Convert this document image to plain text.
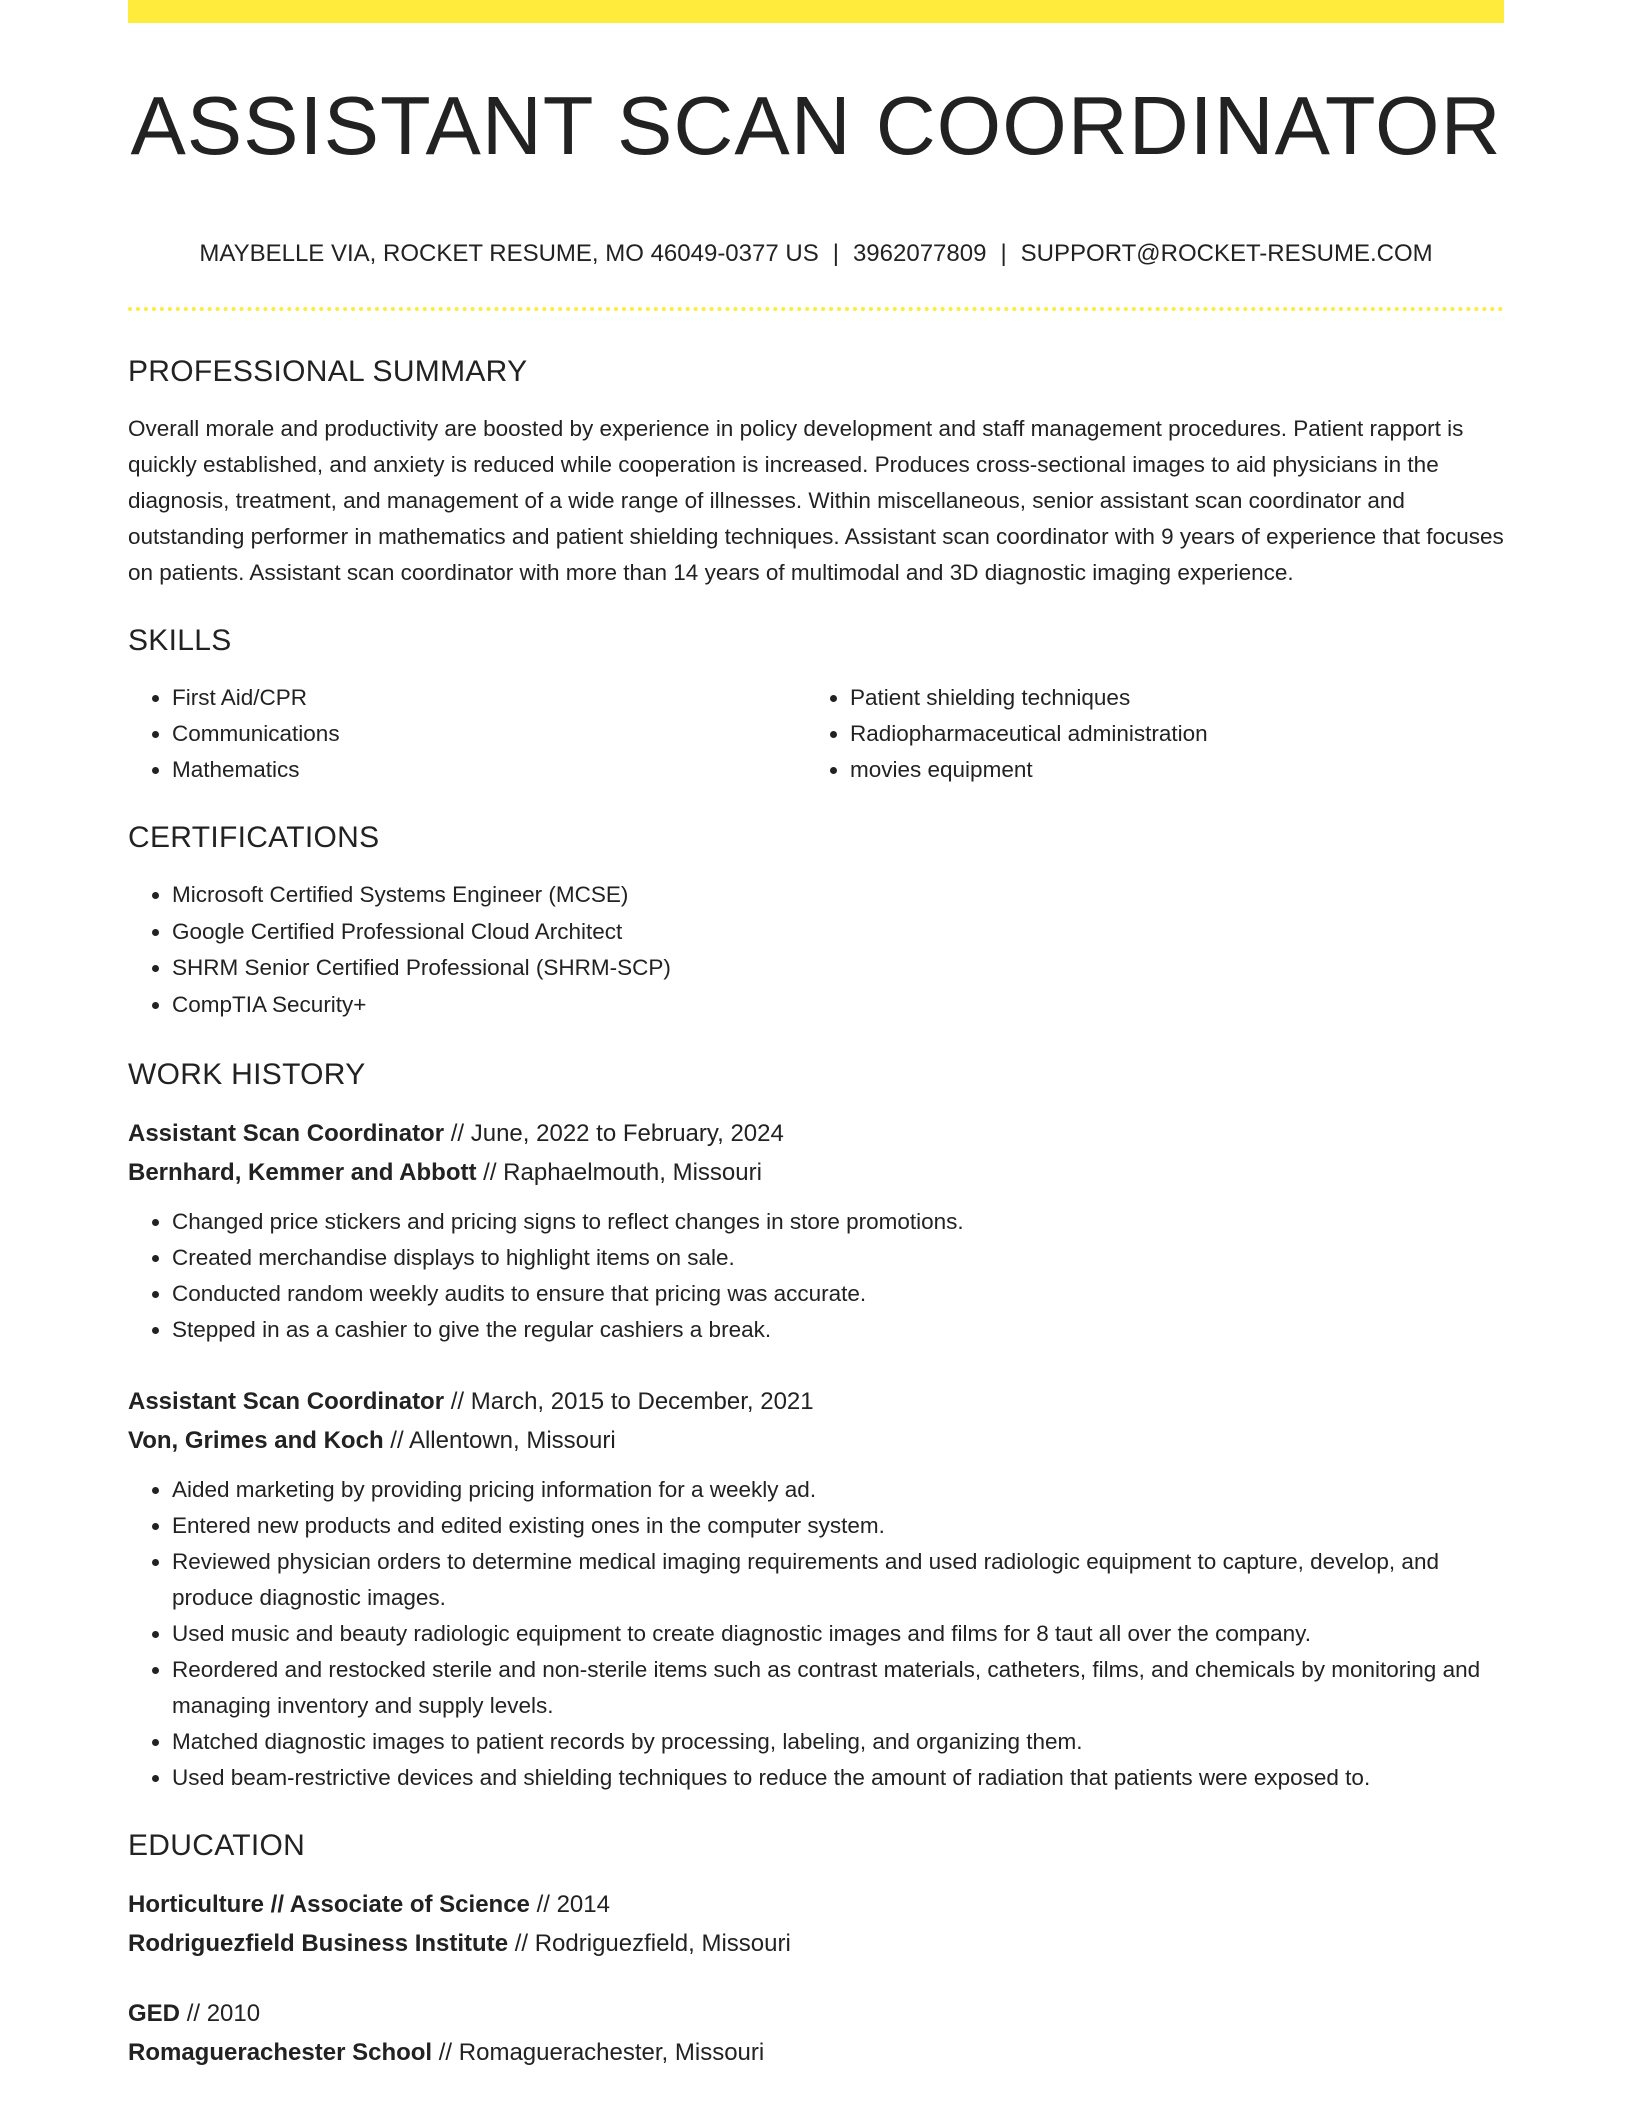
ASSISTANT SCAN COORDINATOR
MAYBELLE VIA, ROCKET RESUME, MO 46049-0377 US | 3962077809 | SUPPORT@ROCKET-RESUME.COM
PROFESSIONAL SUMMARY

Overall morale and productivity are boosted by experience in policy development and staff management procedures. Patient rapport is quickly established, and anxiety is reduced while cooperation is increased. Produces cross-sectional images to aid physicians in the diagnosis, treatment, and management of a wide range of illnesses. Within miscellaneous, senior assistant scan coordinator and outstanding performer in mathematics and patient shielding techniques. Assistant scan coordinator with 9 years of experience that focuses on patients. Assistant scan coordinator with more than 14 years of multimodal and 3D diagnostic imaging experience.

SKILLS
• First Aid/CPR
• Communications
• Mathematics
• Patient shielding techniques
• Radiopharmaceutical administration
• movies equipment
CERTIFICATIONS
• Microsoft Certified Systems Engineer (MCSE)
• Google Certified Professional Cloud Architect
• SHRM Senior Certified Professional (SHRM-SCP)
• CompTIA Security+
WORK HISTORY
Assistant Scan Coordinator // June, 2022 to February, 2024
Bernhard, Kemmer and Abbott // Raphaelmouth, Missouri
• Changed price stickers and pricing signs to reflect changes in store promotions.
• Created merchandise displays to highlight items on sale.
• Conducted random weekly audits to ensure that pricing was accurate.
• Stepped in as a cashier to give the regular cashiers a break.
Assistant Scan Coordinator // March, 2015 to December, 2021
Von, Grimes and Koch // Allentown, Missouri
• Aided marketing by providing pricing information for a weekly ad.
• Entered new products and edited existing ones in the computer system.
• Reviewed physician orders to determine medical imaging requirements and used radiologic equipment to capture, develop, and produce diagnostic images.
• Used music and beauty radiologic equipment to create diagnostic images and films for 8 taut all over the company.
• Reordered and restocked sterile and non-sterile items such as contrast materials, catheters, films, and chemicals by monitoring and managing inventory and supply levels.
• Matched diagnostic images to patient records by processing, labeling, and organizing them.
• Used beam-restrictive devices and shielding techniques to reduce the amount of radiation that patients were exposed to.
EDUCATION
Horticulture // Associate of Science // 2014
Rodriguezfield Business Institute // Rodriguezfield, Missouri
GED // 2010
Romaguerachester School // Romaguerachester, Missouri
